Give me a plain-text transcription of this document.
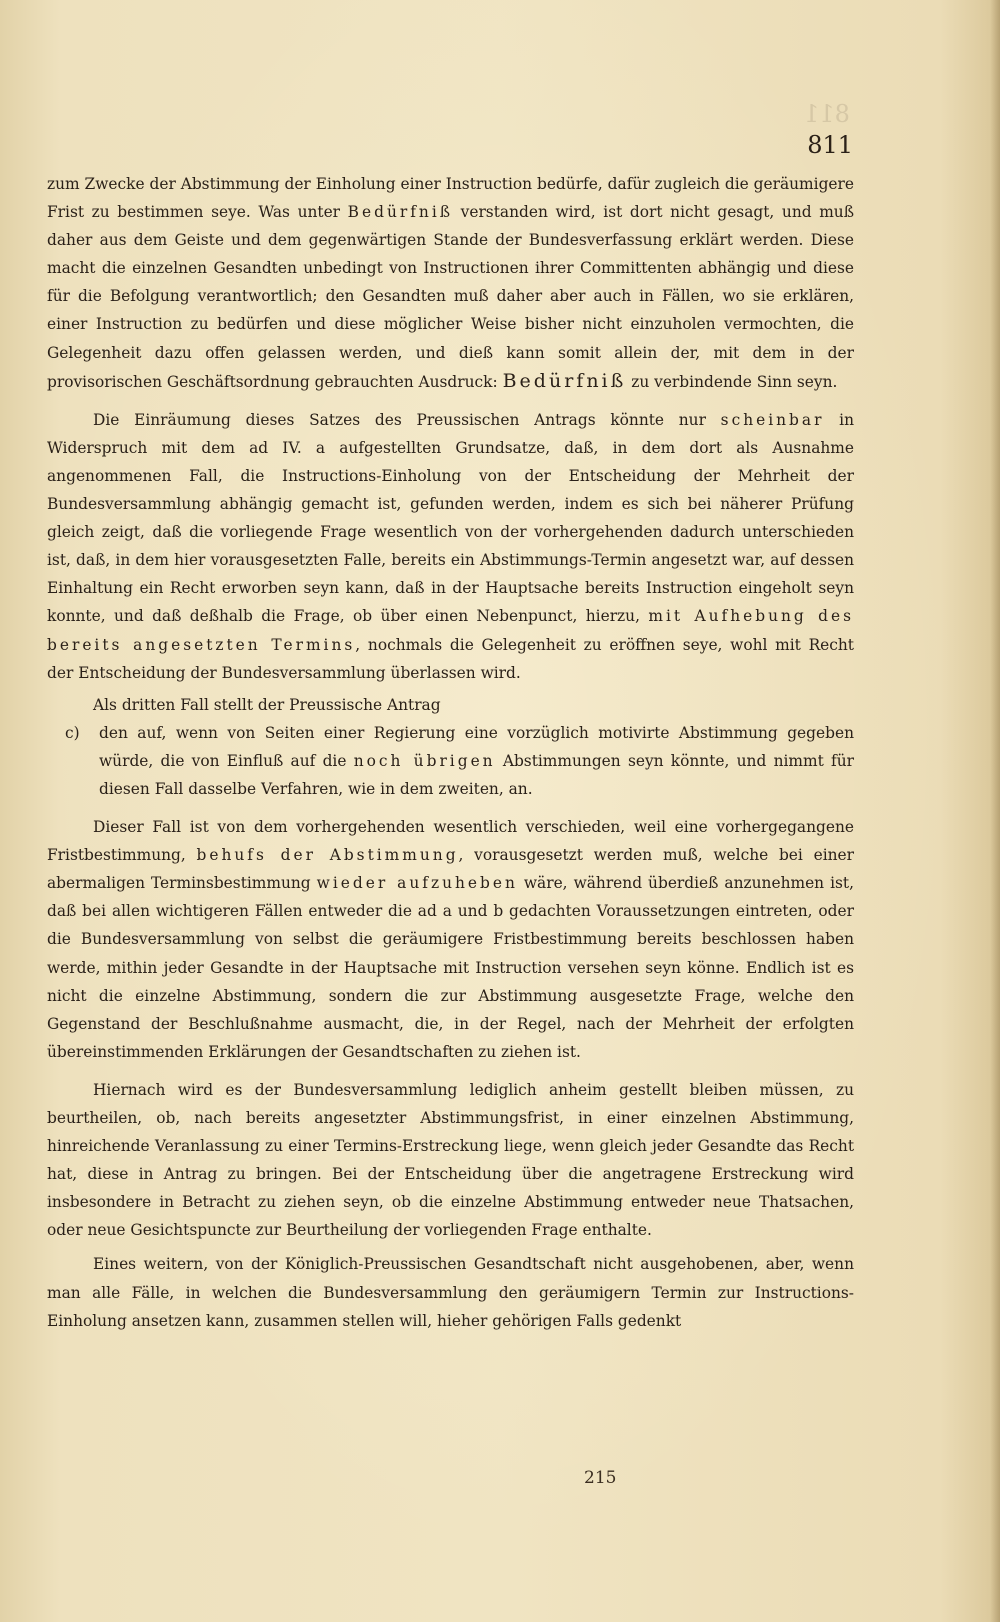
811
811

zum Zwecke der Abstimmung der Einholung einer Instruction bedürfe, dafür zugleich die geräumigere Frist zu bestimmen seye. Was unter Bedürfniß verstanden wird, ist dort nicht gesagt, und muß daher aus dem Geiste und dem gegenwärtigen Stande der Bundesverfassung erklärt werden. Diese macht die einzelnen Gesandten unbedingt von Instructionen ihrer Committenten abhängig und diese für die Befolgung verantwortlich; den Gesandten muß daher aber auch in Fällen, wo sie erklären, einer Instruction zu bedürfen und diese möglicher Weise bisher nicht einzuholen vermochten, die Gelegenheit dazu offen gelassen werden, und dieß kann somit allein der, mit dem in der provisorischen Geschäftsordnung gebrauchten Ausdruck: Bedürfniß zu verbindende Sinn seyn.

Die Einräumung dieses Satzes des Preussischen Antrags könnte nur scheinbar in Widerspruch mit dem ad IV. a aufgestellten Grundsatze, daß, in dem dort als Ausnahme angenommenen Fall, die Instructions-Einholung von der Entscheidung der Mehrheit der Bundesversammlung abhängig gemacht ist, gefunden werden, indem es sich bei näherer Prüfung gleich zeigt, daß die vorliegende Frage wesentlich von der vorhergehenden dadurch unterschieden ist, daß, in dem hier vorausgesetzten Falle, bereits ein Abstimmungs-Termin angesetzt war, auf dessen Einhaltung ein Recht erworben seyn kann, daß in der Hauptsache bereits Instruction eingeholt seyn konnte, und daß deßhalb die Frage, ob über einen Nebenpunct, hierzu, mit Aufhebung des bereits angesetzten Termins, nochmals die Gelegenheit zu eröffnen seye, wohl mit Recht der Entscheidung der Bundesversammlung überlassen wird.

Als dritten Fall stellt der Preussische Antrag

c) den auf, wenn von Seiten einer Regierung eine vorzüglich motivirte Abstimmung gegeben würde, die von Einfluß auf die noch übrigen Abstimmungen seyn könnte, und nimmt für diesen Fall dasselbe Verfahren, wie in dem zweiten, an.

Dieser Fall ist von dem vorhergehenden wesentlich verschieden, weil eine vorhergegangene Fristbestimmung, behufs der Abstimmung, vorausgesetzt werden muß, welche bei einer abermaligen Terminsbestimmung wieder aufzuheben wäre, während überdieß anzunehmen ist, daß bei allen wichtigeren Fällen entweder die ad a und b gedachten Voraussetzungen eintreten, oder die Bundesversammlung von selbst die geräumigere Fristbestimmung bereits beschlossen haben werde, mithin jeder Gesandte in der Hauptsache mit Instruction versehen seyn könne. Endlich ist es nicht die einzelne Abstimmung, sondern die zur Abstimmung ausgesetzte Frage, welche den Gegenstand der Beschlußnahme ausmacht, die, in der Regel, nach der Mehrheit der erfolgten übereinstimmenden Erklärungen der Gesandtschaften zu ziehen ist.

Hiernach wird es der Bundesversammlung lediglich anheim gestellt bleiben müssen, zu beurtheilen, ob, nach bereits angesetzter Abstimmungsfrist, in einer einzelnen Abstimmung, hinreichende Veranlassung zu einer Termins-Erstreckung liege, wenn gleich jeder Gesandte das Recht hat, diese in Antrag zu bringen. Bei der Entscheidung über die angetragene Erstreckung wird insbesondere in Betracht zu ziehen seyn, ob die einzelne Abstimmung entweder neue Thatsachen, oder neue Gesichtspuncte zur Beurtheilung der vorliegenden Frage enthalte.

Eines weitern, von der Königlich-Preussischen Gesandtschaft nicht ausgehobenen, aber, wenn man alle Fälle, in welchen die Bundesversammlung den geräumigern Termin zur Instructions-Einholung ansetzen kann, zusammen stellen will, hieher gehörigen Falls gedenkt

215
